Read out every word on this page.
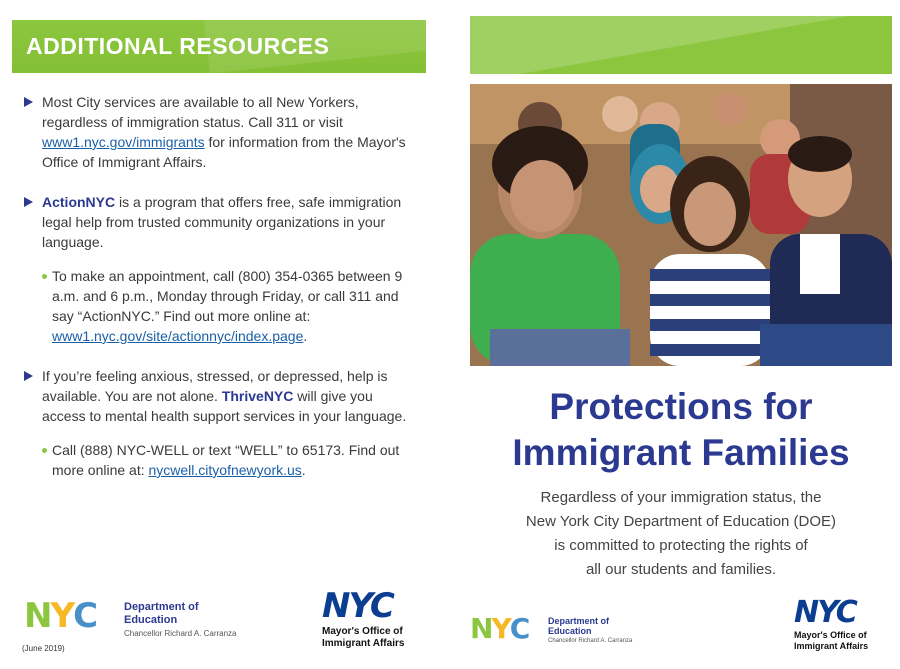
ADDITIONAL RESOURCES
Most City services are available to all New Yorkers, regardless of immigration status. Call 311 or visit www1.nyc.gov/immigrants for information from the Mayor's Office of Immigrant Affairs.
ActionNYC is a program that offers free, safe immigration legal help from trusted community organizations in your language.
To make an appointment, call (800) 354-0365 between 9 a.m. and 6 p.m., Monday through Friday, or call 311 and say “ActionNYC.” Find out more online at: www1.nyc.gov/site/actionnyc/index.page.
If you’re feeling anxious, stressed, or depressed, help is available. You are not alone. ThriveNYC will give you access to mental health support services in your language.
Call (888) NYC-WELL or text “WELL” to 65173. Find out more online at: nycwell.cityofnewyork.us.
NYC	Department of
Education
Chancellor Richard A. Carranza
NYC
Mayor's Office of
Immigrant Affairs
(June 2019)
Protections for
Immigrant Families
Regardless of your immigration status, the
New York City Department of Education (DOE)
is committed to protecting the rights of
all our students and families.
NYC Department of
Education
Chancellor Richard A. Carranza
NYC
Mayor's Office of
Immigrant Affairs
